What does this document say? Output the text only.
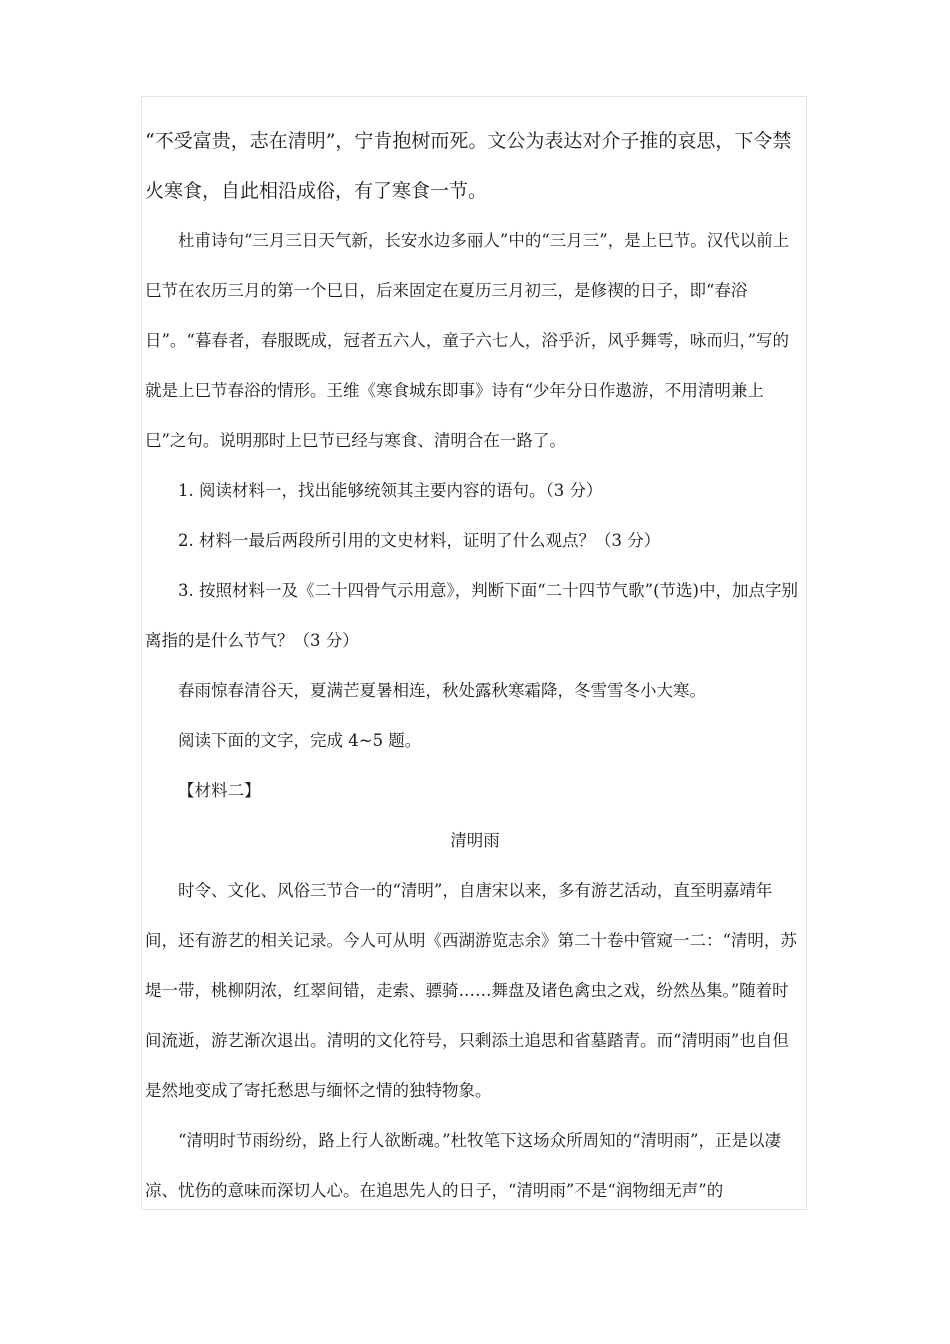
“不受富贵，志在清明”，宁肯抱树而死。文公为表达对介子推的哀思，下令禁火寒食，自此相沿成俗，有了寒食一节。

杜甫诗句“三月三日天气新，长安水边多丽人”中的“三月三”，是上巳节。汉代以前上巳节在农历三月的第一个巳日，后来固定在夏历三月初三，是修禊的日子，即“春浴日”。“暮春者，春服既成，冠者五六人，童子六七人，浴乎沂，风乎舞雩，咏而归，”写的就是上巳节春浴的情形。王维《寒食城东即事》诗有“少年分日作遨游，不用清明兼上巳”之句。说明那时上巳节已经与寒食、清明合在一路了。

1. 阅读材料一，找出能够统领其主要内容的语句。（3 分）

2. 材料一最后两段所引用的文史材料，证明了什么观点？（3 分）

3. 按照材料一及《二十四骨气示用意》，判断下面“二十四节气歌”(节选)中，加点字别离指的是什么节气？（3 分）

春雨惊春清谷天，夏满芒夏暑相连，秋处露秋寒霜降，冬雪雪冬小大寒。

阅读下面的文字，完成 4~5 题。

【材料二】

清明雨

时令、文化、风俗三节合一的“清明”，自唐宋以来，多有游艺活动，直至明嘉靖年间，还有游艺的相关记录。今人可从明《西湖游览志余》第二十卷中管窥一二：“清明，苏堤一带，桃柳阴浓，红翠间错，走索、骠骑……舞盘及诸色禽虫之戏，纷然丛集。”随着时间流逝，游艺渐次退出。清明的文化符号，只剩添土追思和省墓踏青。而“清明雨”也自但是然地变成了寄托愁思与缅怀之情的独特物象。

“清明时节雨纷纷，路上行人欲断魂。”杜牧笔下这场众所周知的“清明雨”，正是以凄凉、忧伤的意味而深切人心。在追思先人的日子，“清明雨”不是“润物细无声”的
